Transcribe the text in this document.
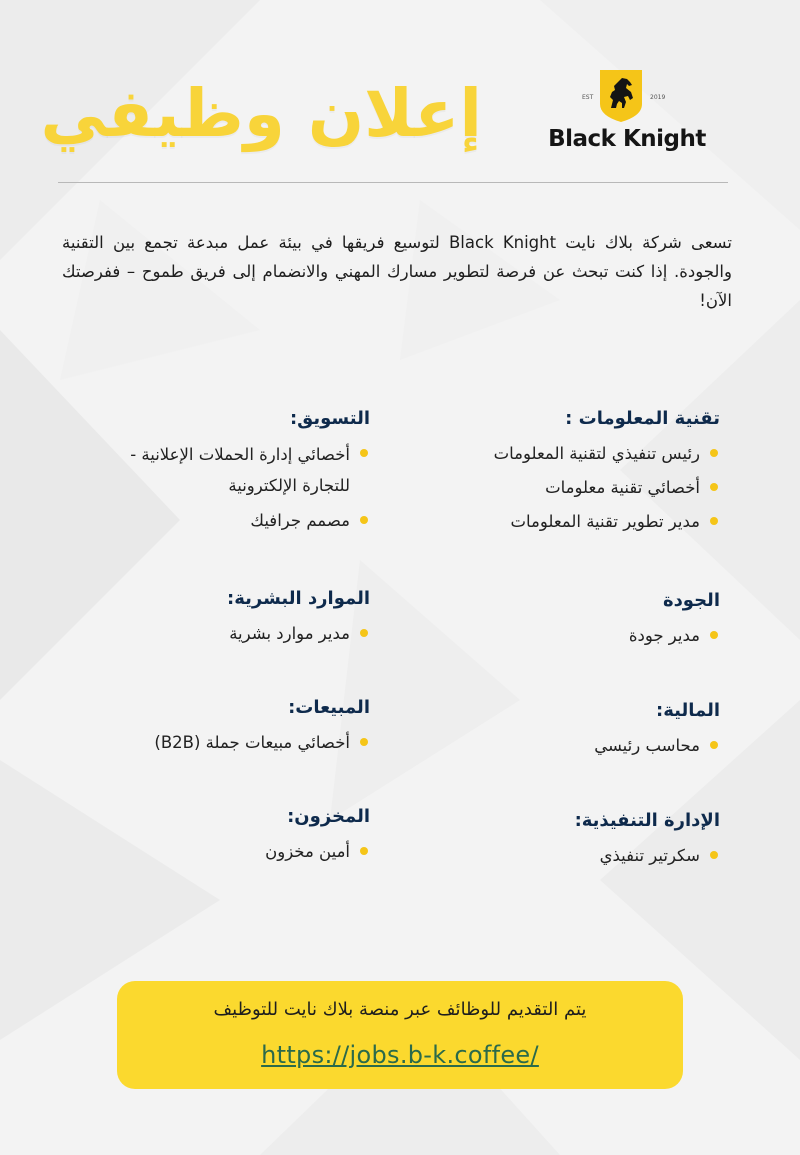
إعلان وظيفي	EST	2019
Black Knight

تسعى شركة بلاك نايت Black Knight لتوسيع فريقها في بيئة عمل مبدعة تجمع بين التقنية والجودة. إذا كنت تبحث عن فرصة لتطوير مسارك المهني والانضمام إلى فريق طموح – ففرصتك الآن!

تقنية المعلومات :
رئيس تنفيذي لتقنية المعلومات
أخصائي تقنية معلومات
مدير تطوير تقنية المعلومات
الجودة
مدير جودة
المالية:
محاسب رئيسي
الإدارة التنفيذية:
سكرتير تنفيذي
التسويق:
أخصائي إدارة الحملات الإعلانية - للتجارة الإلكترونية
مصمم جرافيك
الموارد البشرية:
مدير موارد بشرية
المبيعات:
أخصائي مبيعات جملة (B2B)
المخزون:
أمين مخزون
يتم التقديم للوظائف عبر منصة بلاك نايت للتوظيف
https://jobs.b-k.coffee/
